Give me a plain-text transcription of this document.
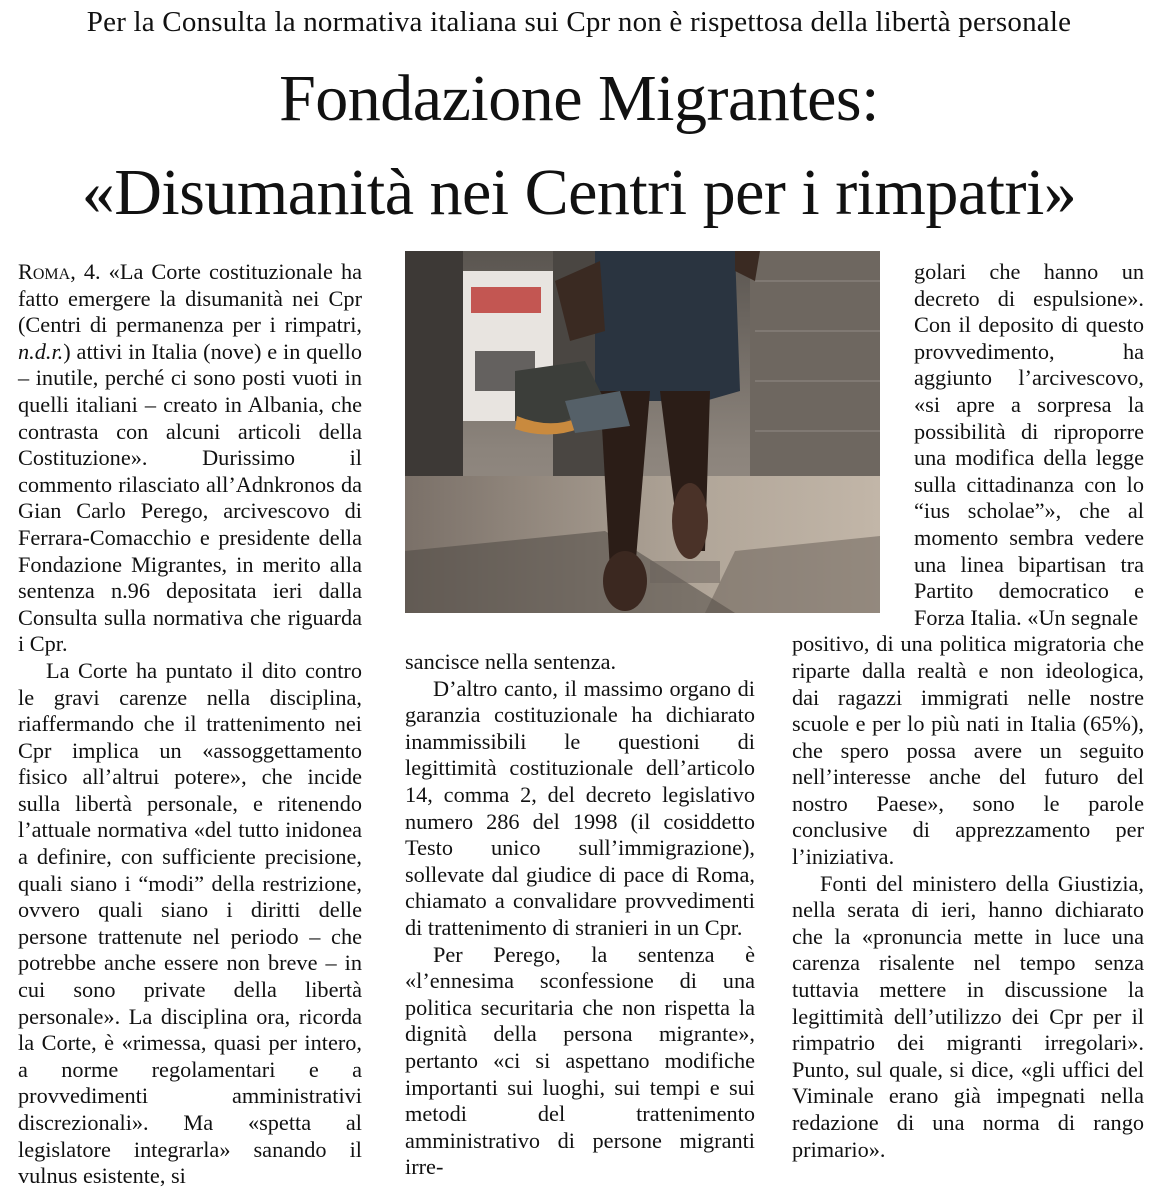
Per la Consulta la normativa italiana sui Cpr non è rispettosa della libertà personale
Fondazione Migrantes:
«Disumanità nei Centri per i rimpatri»

Roma, 4. «La Corte costituzionale ha fatto emergere la disumanità nei Cpr (Centri di permanenza per i rimpatri, n.d.r.) attivi in Italia (nove) e in quello – inutile, perché ci sono posti vuoti in quelli italiani – creato in Albania, che contrasta con alcuni articoli della Costituzione». Durissimo il commento rilasciato all’Adnkronos da Gian Carlo Perego, arcivescovo di Ferrara-Comacchio e presidente della Fondazione Migrantes, in merito alla sentenza n.96 depositata ieri dalla Consulta sulla normativa che riguarda i Cpr.

La Corte ha puntato il dito contro le gravi carenze nella disciplina, riaffermando che il trattenimento nei Cpr implica un «assoggettamento fisico all’altrui potere», che incide sulla libertà personale, e ritenendo l’attuale normativa «del tutto inidonea a definire, con sufficiente precisione, quali siano i “modi” della restrizione, ovvero quali siano i diritti delle persone trattenute nel periodo – che potrebbe anche essere non breve – in cui sono private della libertà personale». La disciplina ora, ricorda la Corte, è «rimessa, quasi per intero, a norme regolamentari e a provvedimenti amministrativi discrezionali». Ma «spetta al legislatore integrarla» sanando il vulnus esistente, si

sancisce nella sentenza.

D’altro canto, il massimo organo di garanzia costituzionale ha dichiarato inammissibili le questioni di legittimità costituzionale dell’articolo 14, comma 2, del decreto legislativo numero 286 del 1998 (il cosiddetto Testo unico sull’immigrazione), sollevate dal giudice di pace di Roma, chiamato a convalidare provvedimenti di trattenimento di stranieri in un Cpr.

Per Perego, la sentenza è «l’ennesima sconfessione di una politica securitaria che non rispetta la dignità della persona migrante», pertanto «ci si aspettano modifiche importanti sui luoghi, sui tempi e sui metodi del trattenimento amministrativo di persone migranti irre-

golari che hanno un decreto di espulsione». Con il deposito di questo provvedimento, ha aggiunto l’arcivescovo, «si apre a sorpresa la possibilità di riproporre una modifica della legge sulla cittadinanza con lo “ius scholae”», che al momento sembra vedere una linea bipartisan tra Partito democratico e Forza Italia. «Un segnale

positivo, di una politica migratoria che riparte dalla realtà e non ideologica, dai ragazzi immigrati nelle nostre scuole e per lo più nati in Italia (65%), che spero possa avere un seguito nell’interesse anche del futuro del nostro Paese», sono le parole conclusive di apprezzamento per l’iniziativa.

Fonti del ministero della Giustizia, nella serata di ieri, hanno dichiarato che la «pronuncia mette in luce una carenza risalente nel tempo senza tuttavia mettere in discussione la legittimità dell’utilizzo dei Cpr per il rimpatrio dei migranti irregolari». Punto, sul quale, si dice, «gli uffici del Viminale erano già impegnati nella redazione di una norma di rango primario».
